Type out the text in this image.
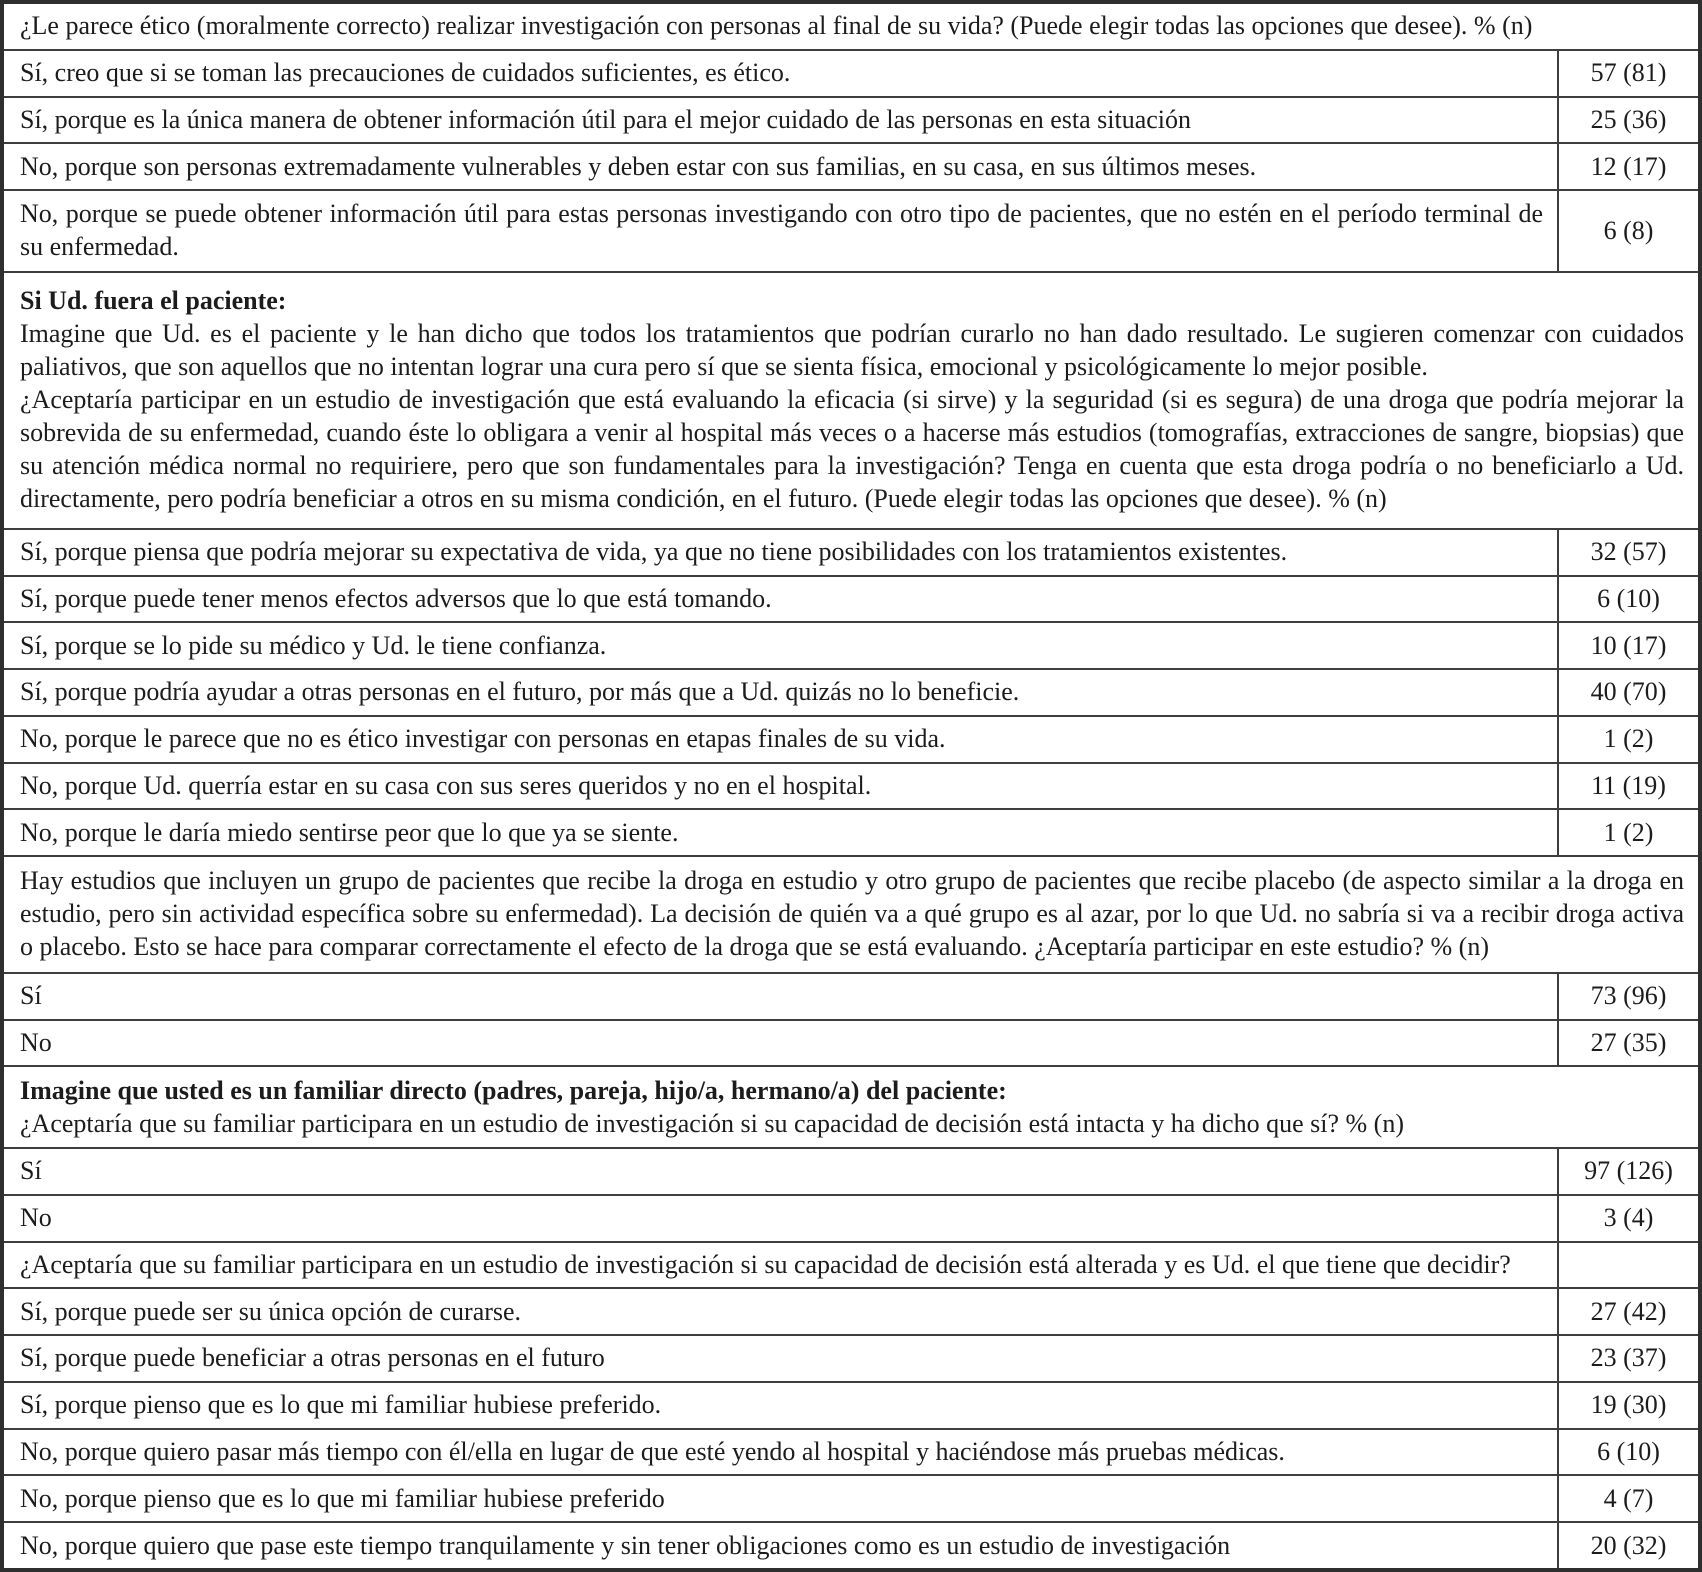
¿Le parece ético (moralmente correcto) realizar investigación con personas al final de su vida? (Puede elegir todas las opciones que desee). % (n)	

Sí, creo que si se toman las precauciones de cuidados suficientes, es ético.	57 (81)
Sí, porque es la única manera de obtener información útil para el mejor cuidado de las personas en esta situación	25 (36)
No, porque son personas extremadamente vulnerables y deben estar con sus familias, en su casa, en sus últimos meses.	12 (17)
No, porque se puede obtener información útil para estas personas investigando con otro tipo de pacientes, que no estén en el período terminal de su enfermedad.	6 (8)

Si Ud. fuera el paciente:
Imagine que Ud. es el paciente y le han dicho que todos los tratamientos que podrían curarlo no han dado resultado. Le sugieren comenzar con cuidados paliativos, que son aquellos que no intentan lograr una cura pero sí que se sienta física, emocional y psicológicamente lo mejor posible.
¿Aceptaría participar en un estudio de investigación que está evaluando la eficacia (si sirve) y la seguridad (si es segura) de una droga que podría mejorar la sobrevida de su enfermedad, cuando éste lo obligara a venir al hospital más veces o a hacerse más estudios (tomografías, extracciones de sangre, biopsias) que su atención médica normal no requiriere, pero que son fundamentales para la investigación? Tenga en cuenta que esta droga podría o no beneficiarlo a Ud. directamente, pero podría beneficiar a otros en su misma condición, en el futuro. (Puede elegir todas las opciones que desee). % (n)	

Sí, porque piensa que podría mejorar su expectativa de vida, ya que no tiene posibilidades con los tratamientos existentes.	32 (57)
Sí, porque puede tener menos efectos adversos que lo que está tomando.	6 (10)
Sí, porque se lo pide su médico y Ud. le tiene confianza.	10 (17)
Sí, porque podría ayudar a otras personas en el futuro, por más que a Ud. quizás no lo beneficie.	40 (70)
No, porque le parece que no es ético investigar con personas en etapas finales de su vida.	1 (2)
No, porque Ud. querría estar en su casa con sus seres queridos y no en el hospital.	11 (19)
No, porque le daría miedo sentirse peor que lo que ya se siente.	1 (2)

Hay estudios que incluyen un grupo de pacientes que recibe la droga en estudio y otro grupo de pacientes que recibe placebo (de aspecto similar a la droga en estudio, pero sin actividad específica sobre su enfermedad). La decisión de quién va a qué grupo es al azar, por lo que Ud. no sabría si va a recibir droga activa o placebo. Esto se hace para comparar correctamente el efecto de la droga que se está evaluando. ¿Aceptaría participar en este estudio? % (n)	

Sí	73 (96)
No	27 (35)

Imagine que usted es un familiar directo (padres, pareja, hijo/a, hermano/a) del paciente:
¿Aceptaría que su familiar participara en un estudio de investigación si su capacidad de decisión está intacta y ha dicho que sí? % (n)	

Sí	97 (126)
No	3 (4)
¿Aceptaría que su familiar participara en un estudio de investigación si su capacidad de decisión está alterada y es Ud. el que tiene que decidir?	
Sí, porque puede ser su única opción de curarse.	27 (42)
Sí, porque puede beneficiar a otras personas en el futuro	23 (37)
Sí, porque pienso que es lo que mi familiar hubiese preferido.	19 (30)
No, porque quiero pasar más tiempo con él/ella en lugar de que esté yendo al hospital y haciéndose más pruebas médicas.	6 (10)
No, porque pienso que es lo que mi familiar hubiese preferido	4 (7)
No, porque quiero que pase este tiempo tranquilamente y sin tener obligaciones como es un estudio de investigación	20 (32)
